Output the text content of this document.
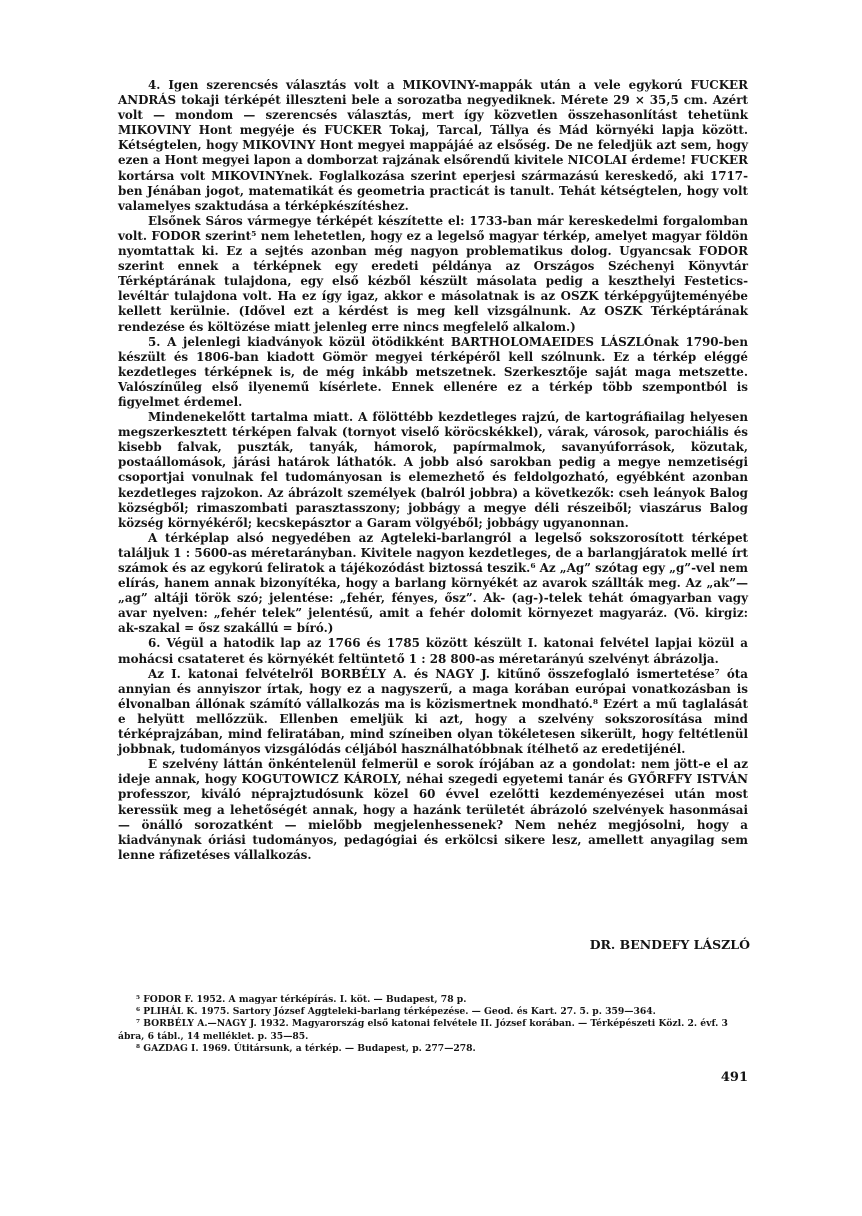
4. Igen szerencsés választás volt a MIKOVINY-mappák után a vele egykorú FUCKER ANDRÁS tokaji térképét illeszteni bele a sorozatba negyediknek. Mérete 29 × 35,5 cm. Azért volt — mondom — szerencsés választás, mert így közvetlen összehasonlítást tehetünk MIKOVINY Hont megyéje és FUCKER Tokaj, Tarcal, Tállya és Mád környéki lapja között. Kétségtelen, hogy MIKOVINY Hont megyei mappájáé az elsőség. De ne feledjük azt sem, hogy ezen a Hont megyei lapon a domborzat rajzának elsőrendű kivitele NICOLAI érdeme! FUCKER kortársa volt MIKOVINYnek. Foglalkozása szerint eperjesi származású kereskedő, aki 1717-ben Jénában jogot, matematikát és geometria practicát is tanult. Tehát kétségtelen, hogy volt valamelyes szaktudása a térképkészítéshez.

Elsőnek Sáros vármegye térképét készítette el: 1733-ban már kereskedelmi forgalomban volt. FODOR szerint⁵ nem lehetetlen, hogy ez a legelső magyar térkép, amelyet magyar földön nyomtattak ki. Ez a sejtés azonban még nagyon problematikus dolog. Ugyancsak FODOR szerint ennek a térképnek egy eredeti példánya az Országos Széchenyi Könyvtár Térképtárának tulajdona, egy első kézből készült másolata pedig a keszthelyi Festetics-levéltár tulajdona volt. Ha ez így igaz, akkor e másolatnak is az OSZK térképgyűjteményébe kellett kerülnie. (Idővel ezt a kérdést is meg kell vizsgálnunk. Az OSZK Térképtárának rendezése és költözése miatt jelenleg erre nincs megfelelő alkalom.)

5. A jelenlegi kiadványok közül ötödikként BARTHOLOMAEIDES LÁSZLÓnak 1790-ben készült és 1806-ban kiadott Gömör megyei térképéről kell szólnunk. Ez a térkép eléggé kezdetleges térképnek is, de még inkább metszetnek. Szerkesztője saját maga metszette. Valószínűleg első ilyenemű kísérlete. Ennek ellenére ez a térkép több szempontból is figyelmet érdemel.

Mindenekelőtt tartalma miatt. A fölöttébb kezdetleges rajzú, de kartográfiailag helyesen megszerkesztett térképen falvak (tornyot viselő köröcskékkel), várak, városok, parochiális és kisebb falvak, puszták, tanyák, hámorok, papírmalmok, savanyúforrások, közutak, postaállomások, járási határok láthatók. A jobb alsó sarokban pedig a megye nemzetiségi csoportjai vonulnak fel tudományosan is elemezhető és feldolgozható, egyébként azonban kezdetleges rajzokon. Az ábrázolt személyek (balról jobbra) a következők: cseh leányok Balog községből; rimaszombati parasztasszony; jobbágy a megye déli részeiből; viaszárus Balog község környékéről; kecskepásztor a Garam völgyéből; jobbágy ugyanonnan.

A térképlap alsó negyedében az Agteleki-barlangról a legelső sokszorosított térképet találjuk 1 : 5600-as méretarányban. Kivitele nagyon kezdetleges, de a barlangjáratok mellé írt számok és az egykorú feliratok a tájékozódást biztossá teszik.⁶ Az „Ag” szótag egy „g”-vel nem elírás, hanem annak bizonyítéka, hogy a barlang környékét az avarok szállták meg. Az „ak”—„ag” altáji török szó; jelentése: „fehér, fényes, ősz”. Ak- (ag-)-telek tehát ómagyarban vagy avar nyelven: „fehér telek” jelentésű, amit a fehér dolomit környezet magyaráz. (Vö. kirgiz: ak-szakal = ősz szakállú = bíró.)

6. Végül a hatodik lap az 1766 és 1785 között készült I. katonai felvétel lapjai közül a mohácsi csatateret és környékét feltüntető 1 : 28 800-as méretarányú szelvényt ábrázolja.

Az I. katonai felvételről BORBÉLY A. és NAGY J. kitűnő összefoglaló ismertetése⁷ óta annyian és annyiszor írtak, hogy ez a nagyszerű, a maga korában európai vonatkozásban is élvonalban állónak számító vállalkozás ma is közismertnek mondható.⁸ Ezért a mű taglalását e helyütt mellőzzük. Ellenben emeljük ki azt, hogy a szelvény sokszorosítása mind térképrajzában, mind feliratában, mind színeiben olyan tökéletesen sikerült, hogy feltétlenül jobbnak, tudományos vizsgálódás céljából használhatóbbnak ítélhető az eredetijénél.

E szelvény láttán önkéntelenül felmerül e sorok írójában az a gondolat: nem jött-e el az ideje annak, hogy KOGUTOWICZ KÁROLY, néhai szegedi egyetemi tanár és GYŐRFFY ISTVÁN professzor, kiváló néprajztudósunk közel 60 évvel ezelőtti kezdeményezései után most keressük meg a lehetőségét annak, hogy a hazánk területét ábrázoló szelvények hasonmásai — önálló sorozatként — mielőbb megjelenhessenek? Nem nehéz megjósolni, hogy a kiadványnak óriási tudományos, pedagógiai és erkölcsi sikere lesz, amellett anyagilag sem lenne ráfizetéses vállalkozás.

DR. BENDEFY LÁSZLÓ

⁵ FODOR F. 1952. A magyar térképírás. I. köt. — Budapest, 78 p.

⁶ PLIHÁL K. 1975. Sartory József Aggteleki-barlang térképezése. — Geod. és Kart. 27. 5. p. 359—364.

⁷ BORBÉLY A.—NAGY J. 1932. Magyarország első katonai felvétele II. József korában. — Térképészeti Közl. 2. évf. 3 ábra, 6 tábl., 14 melléklet. p. 35—85.

⁸ GAZDAG I. 1969. Útitársunk, a térkép. — Budapest, p. 277—278.

491
